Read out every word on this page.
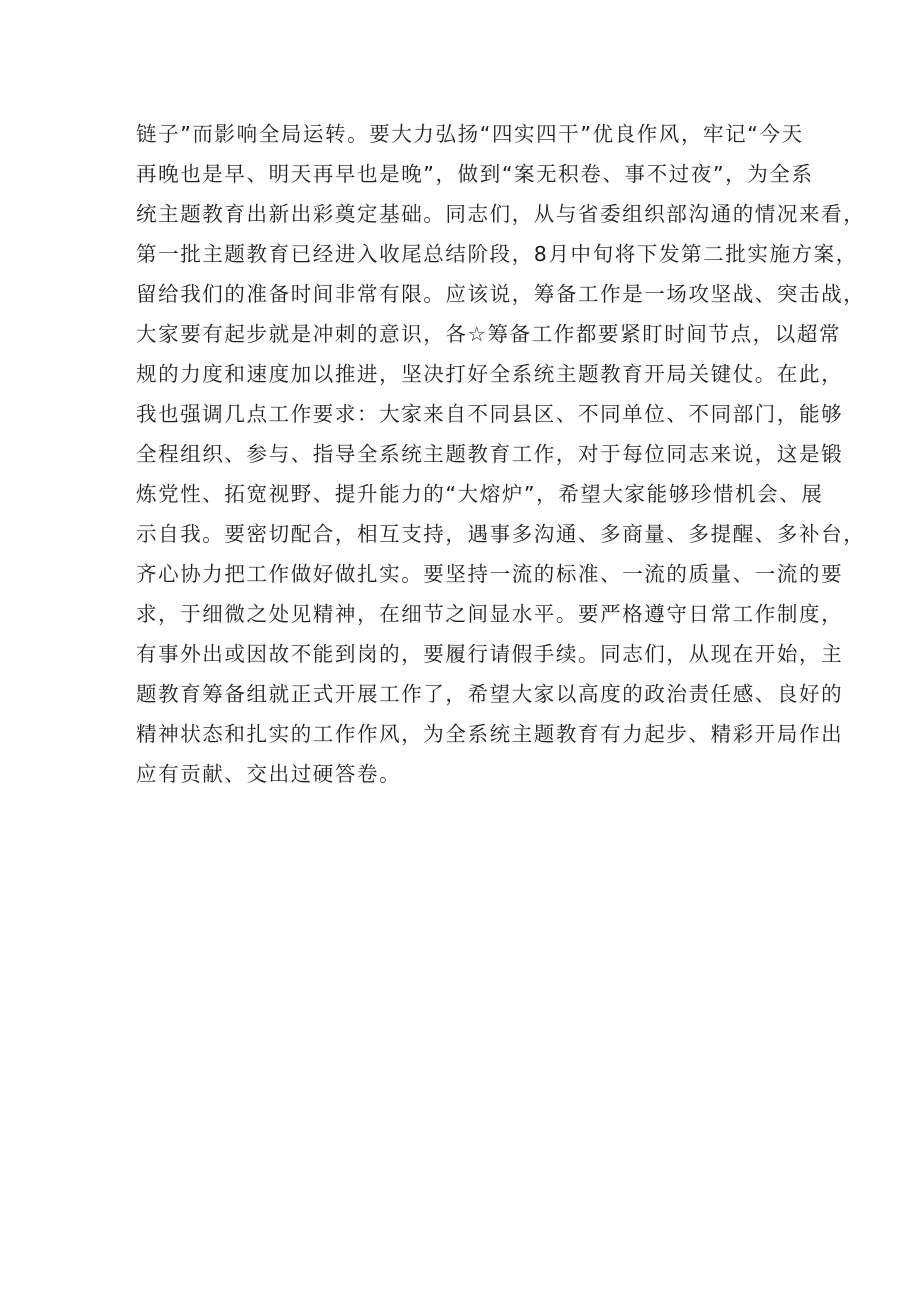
链子”而影响全局运转。要大力弘扬“四实四干”优良作风，牢记“今天
再晚也是早、明天再早也是晚”，做到“案无积卷、事不过夜”，为全系
统主题教育出新出彩奠定基础。同志们，从与省委组织部沟通的情况来看，
第一批主题教育已经进入收尾总结阶段，8月中旬将下发第二批实施方案，
留给我们的准备时间非常有限。应该说，筹备工作是一场攻坚战、突击战，
大家要有起步就是冲刺的意识，各☆筹备工作都要紧盯时间节点，以超常
规的力度和速度加以推进，坚决打好全系统主题教育开局关键仗。在此，
我也强调几点工作要求：大家来自不同县区、不同单位、不同部门，能够
全程组织、参与、指导全系统主题教育工作，对于每位同志来说，这是锻
炼党性、拓宽视野、提升能力的“大熔炉”，希望大家能够珍惜机会、展
示自我。要密切配合，相互支持，遇事多沟通、多商量、多提醒、多补台，
齐心协力把工作做好做扎实。要坚持一流的标准、一流的质量、一流的要
求，于细微之处见精神，在细节之间显水平。要严格遵守日常工作制度，
有事外出或因故不能到岗的，要履行请假手续。同志们，从现在开始，主
题教育筹备组就正式开展工作了，希望大家以高度的政治责任感、良好的
精神状态和扎实的工作作风，为全系统主题教育有力起步、精彩开局作出
应有贡献、交出过硬答卷。
